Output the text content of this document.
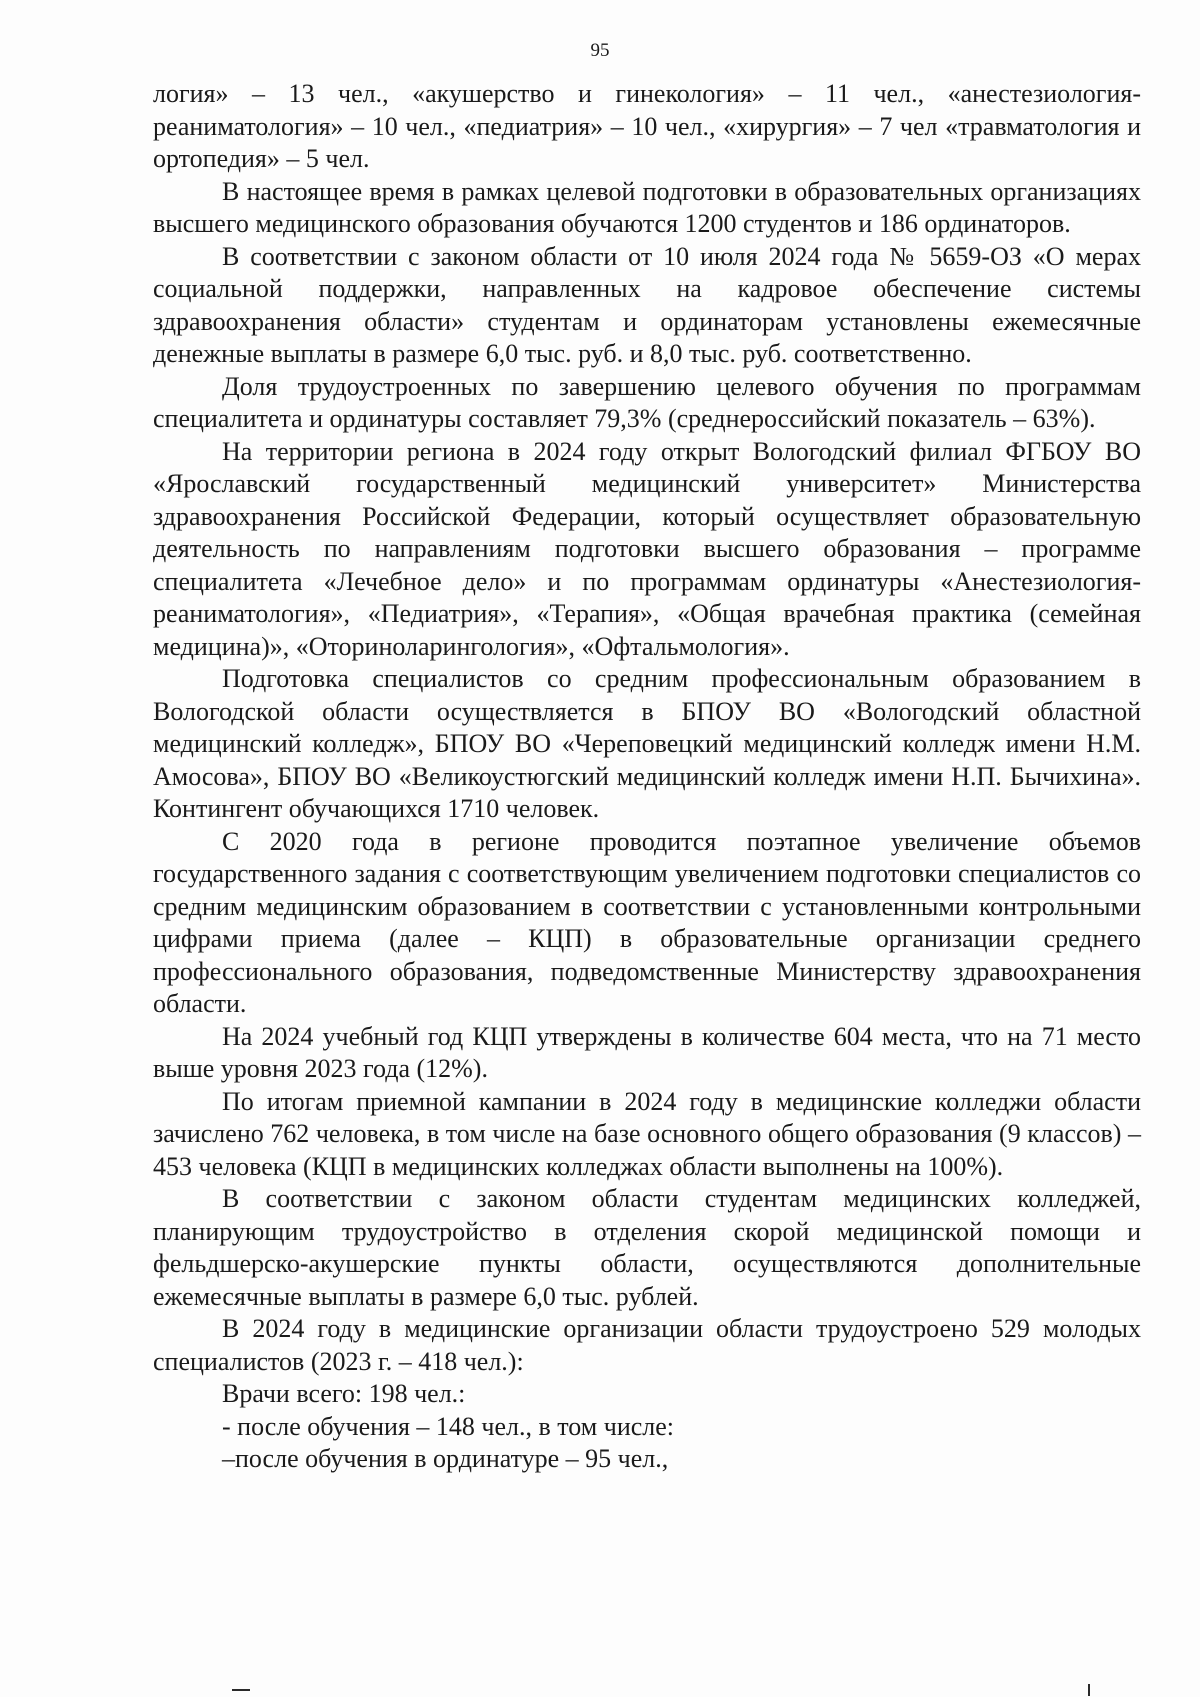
95

логия» – 13 чел., «акушерство и гинекология» – 11 чел., «анестезиология-реаниматология» – 10 чел., «педиатрия» – 10 чел., «хирургия» – 7 чел «травматология и ортопедия» – 5 чел.

В настоящее время в рамках целевой подготовки в образовательных организациях высшего медицинского образования обучаются 1200 студентов и 186 ординаторов.

В соответствии с законом области от 10 июля 2024 года № 5659-ОЗ «О мерах социальной поддержки, направленных на кадровое обеспечение системы здравоохранения области» студентам и ординаторам установлены ежемесячные денежные выплаты в размере 6,0 тыс. руб. и 8,0 тыс. руб. соответственно.

Доля трудоустроенных по завершению целевого обучения по программам специалитета и ординатуры составляет 79,3% (среднероссийский показатель – 63%).

На территории региона в 2024 году открыт Вологодский филиал ФГБОУ ВО «Ярославский государственный медицинский университет» Министерства здравоохранения Российской Федерации, который осуществляет образовательную деятельность по направлениям подготовки высшего образования – программе специалитета «Лечебное дело» и по программам ординатуры «Анестезиология-реаниматология», «Педиатрия», «Терапия», «Общая врачебная практика (семейная медицина)», «Оториноларингология», «Офтальмология».

Подготовка специалистов со средним профессиональным образованием в Вологодской области осуществляется в БПОУ ВО «Вологодский областной медицинский колледж», БПОУ ВО «Череповецкий медицинский колледж имени Н.М. Амосова», БПОУ ВО «Великоустюгский медицинский колледж имени Н.П. Бычихина». Контингент обучающихся 1710 человек.

С 2020 года в регионе проводится поэтапное увеличение объемов государственного задания с соответствующим увеличением подготовки специалистов со средним медицинским образованием в соответствии с установленными контрольными цифрами приема (далее – КЦП) в образовательные организации среднего профессионального образования, подведомственные Министерству здравоохранения области.

На 2024 учебный год КЦП утверждены в количестве 604 места, что на 71 место выше уровня 2023 года (12%).

По итогам приемной кампании в 2024 году в медицинские колледжи области зачислено 762 человека, в том числе на базе основного общего образования (9 классов) – 453 человека (КЦП в медицинских колледжах области выполнены на 100%).

В соответствии с законом области студентам медицинских колледжей, планирующим трудоустройство в отделения скорой медицинской помощи и фельдшерско-акушерские пункты области, осуществляются дополнительные ежемесячные выплаты в размере 6,0 тыс. рублей.

В 2024 году в медицинские организации области трудоустроено 529 молодых специалистов (2023 г. – 418 чел.):

Врачи всего: 198 чел.:

- после обучения – 148 чел., в том числе:

–после обучения в ординатуре – 95 чел.,
